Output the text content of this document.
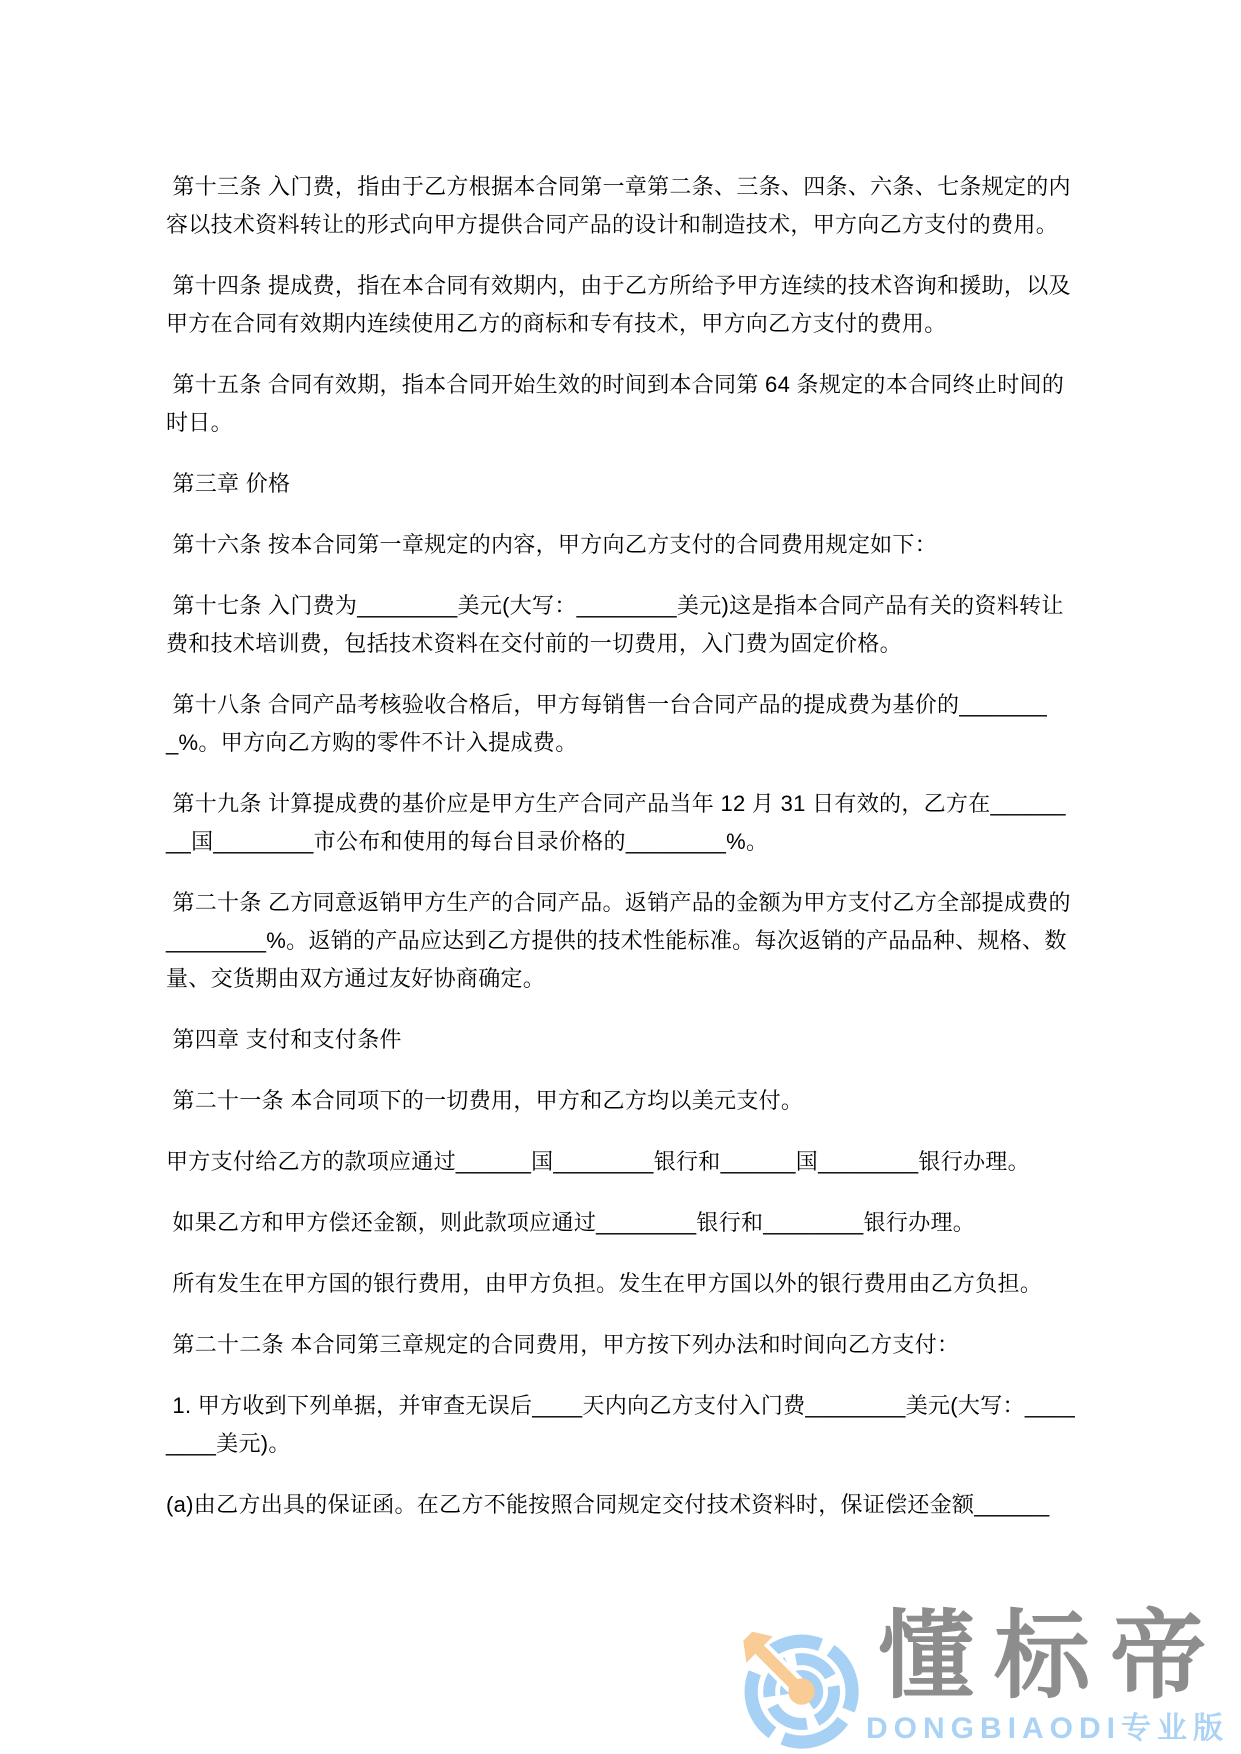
第十三条 入门费，指由于乙方根据本合同第一章第二条、三条、四条、六条、七条规定的内容以技术资料转让的形式向甲方提供合同产品的设计和制造技术，甲方向乙方支付的费用。

第十四条 提成费，指在本合同有效期内，由于乙方所给予甲方连续的技术咨询和援助，以及甲方在合同有效期内连续使用乙方的商标和专有技术，甲方向乙方支付的费用。

第十五条 合同有效期，指本合同开始生效的时间到本合同第 64 条规定的本合同终止时间的时日。

第三章 价格

第十六条 按本合同第一章规定的内容，甲方向乙方支付的合同费用规定如下：

第十七条 入门费为________美元(大写：________美元)这是指本合同产品有关的资料转让费和技术培训费，包括技术资料在交付前的一切费用，入门费为固定价格。

第十八条 合同产品考核验收合格后，甲方每销售一台合同产品的提成费为基价的________%。甲方向乙方购的零件不计入提成费。

第十九条 计算提成费的基价应是甲方生产合同产品当年 12 月 31 日有效的，乙方在________国________市公布和使用的每台目录价格的________%。

第二十条 乙方同意返销甲方生产的合同产品。返销产品的金额为甲方支付乙方全部提成费的________%。返销的产品应达到乙方提供的技术性能标准。每次返销的产品品种、规格、数量、交货期由双方通过友好协商确定。

第四章 支付和支付条件

第二十一条 本合同项下的一切费用，甲方和乙方均以美元支付。

甲方支付给乙方的款项应通过______国________银行和______国________银行办理。

如果乙方和甲方偿还金额，则此款项应通过________银行和________银行办理。

所有发生在甲方国的银行费用，由甲方负担。发生在甲方国以外的银行费用由乙方负担。

第二十二条 本合同第三章规定的合同费用，甲方按下列办法和时间向乙方支付：

1. 甲方收到下列单据，并审查无误后____天内向乙方支付入门费________美元(大写：________美元)。

(a)由乙方出具的保证函。在乙方不能按照合同规定交付技术资料时，保证偿还金额______

懂标帝
DONGBIAODI专业版
